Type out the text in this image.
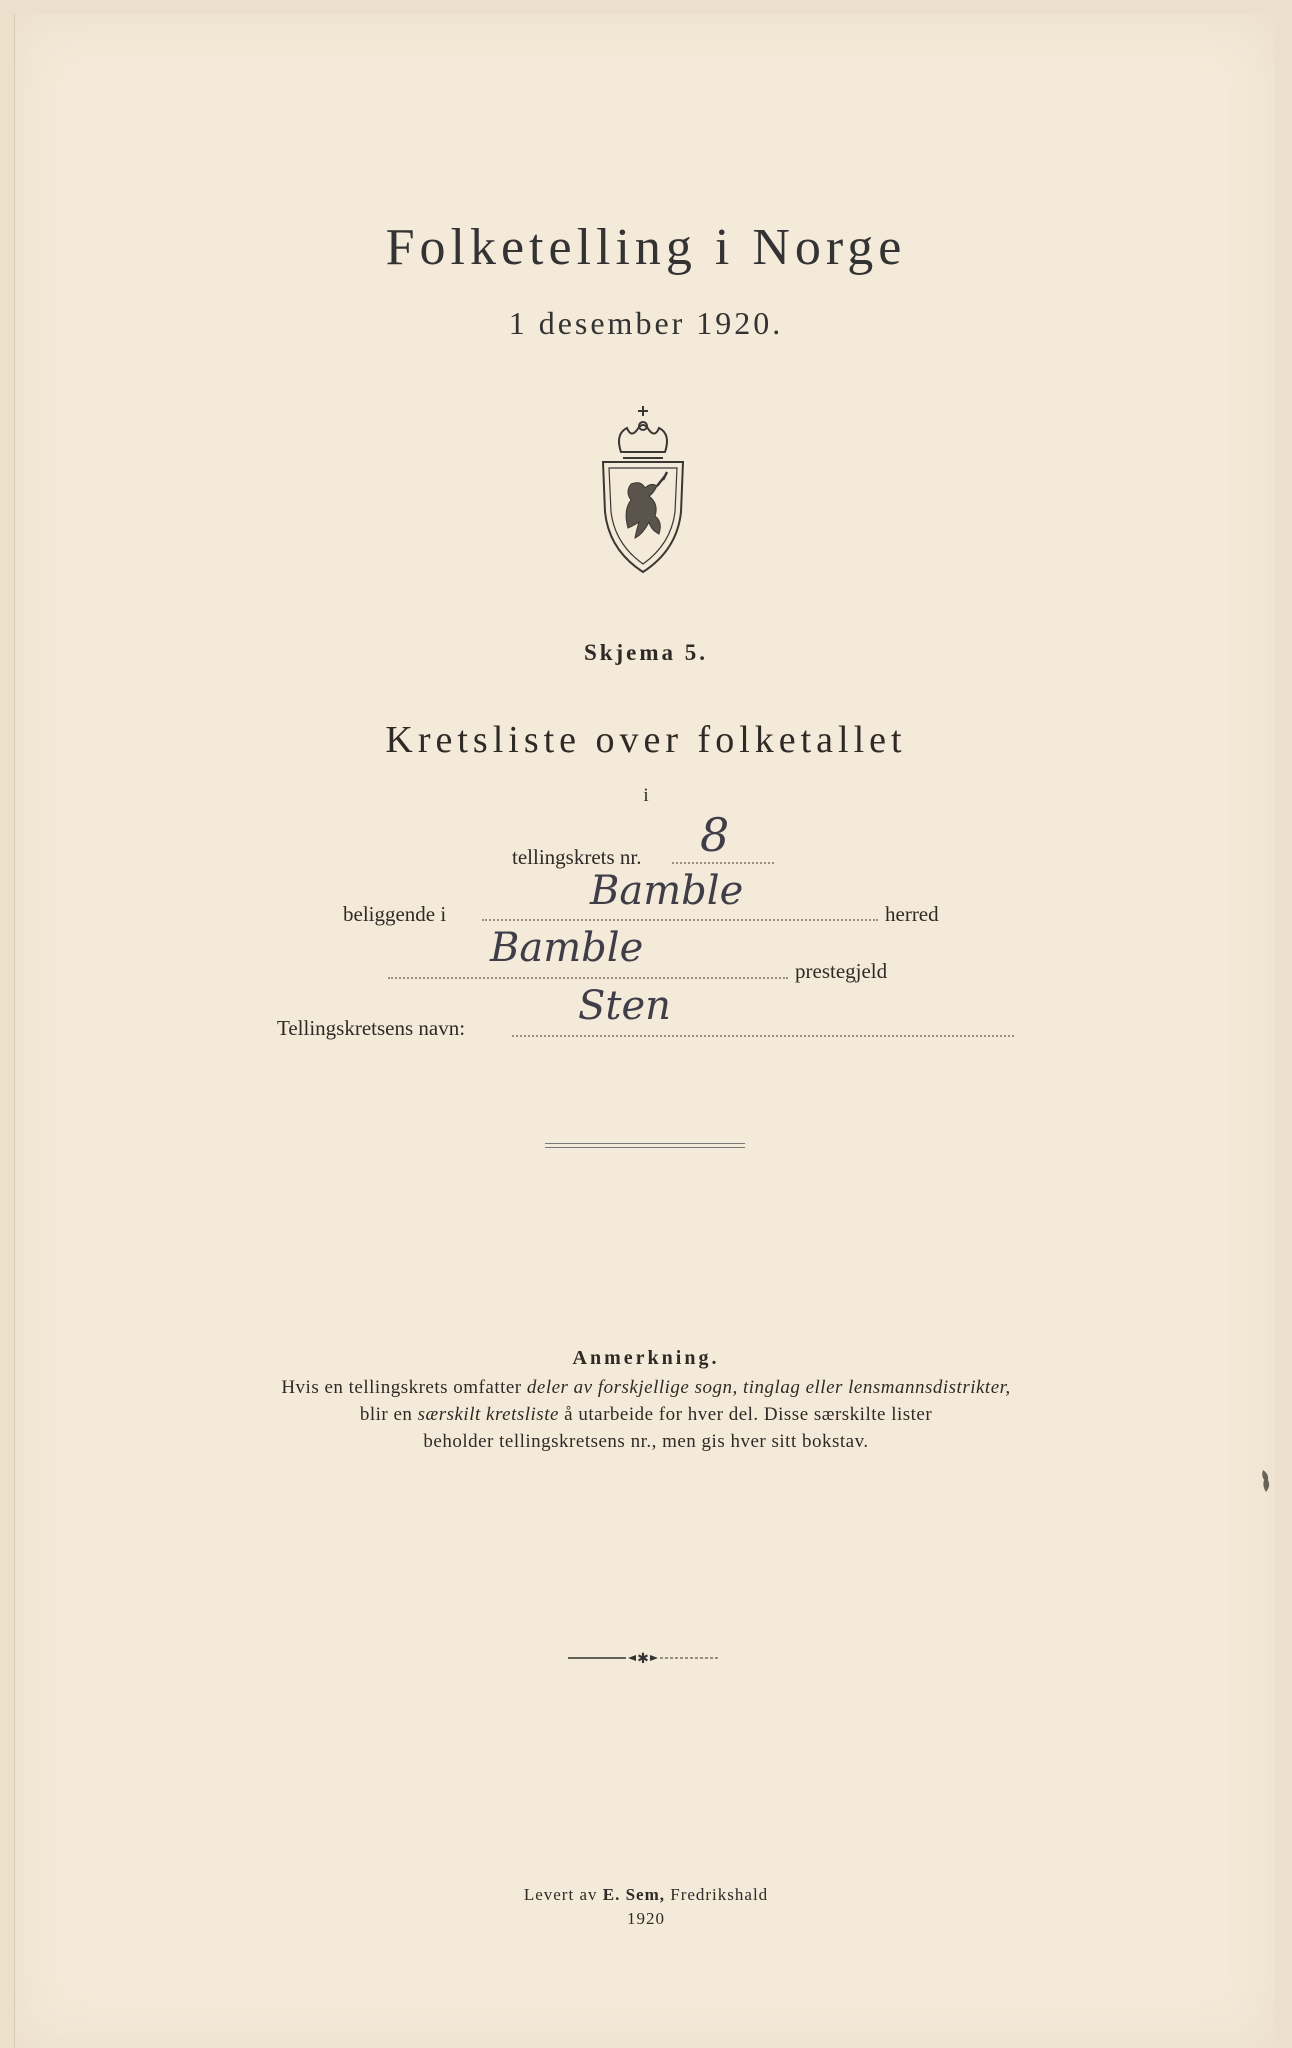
Folketelling i Norge
1 desember 1920.
Skjema 5.
Kretsliste over folketallet
i
tellingskrets nr. 8
beliggende i	Bamble	herred
Bamble	prestegjeld
Tellingskretsens navn:	Sten
Anmerkning.
Hvis en tellingskrets omfatter deler av forskjellige sogn, tinglag eller lensmannsdistrikter,
blir en særskilt kretsliste å utarbeide for hver del. Disse særskilte lister
beholder tellingskretsens nr., men gis hver sitt bokstav.
✱
Levert av E. Sem, Fredrikshald
1920
